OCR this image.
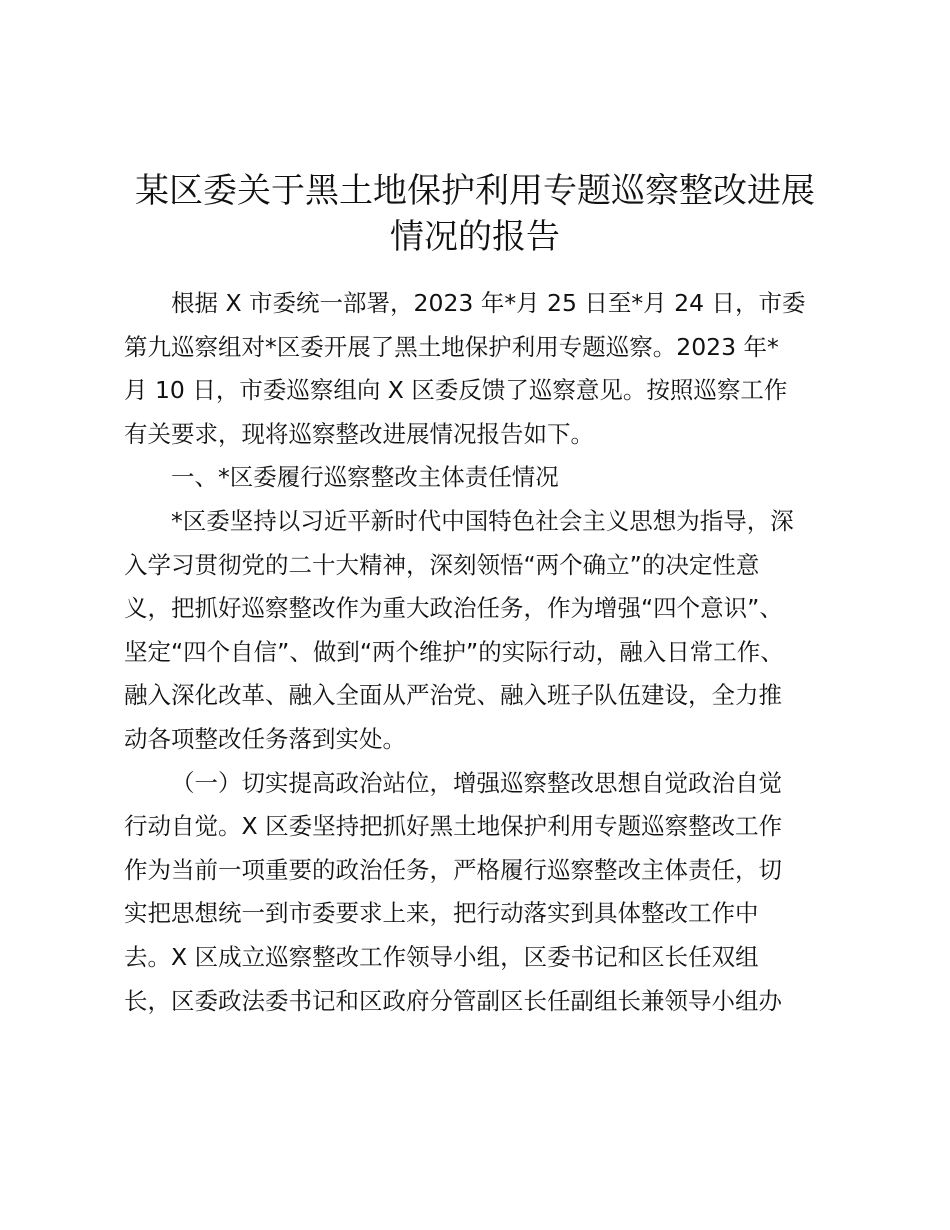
某区委关于黑土地保护利用专题巡察整改进展
情况的报告

根据 X 市委统一部署，2023 年*月 25 日至*月 24 日，市委
第九巡察组对*区委开展了黑土地保护利用专题巡察。2023 年*
月 10 日，市委巡察组向 X 区委反馈了巡察意见。按照巡察工作
有关要求，现将巡察整改进展情况报告如下。

一、*区委履行巡察整改主体责任情况

*区委坚持以习近平新时代中国特色社会主义思想为指导，深
入学习贯彻党的二十大精神，深刻领悟“两个确立”的决定性意
义，把抓好巡察整改作为重大政治任务，作为增强“四个意识”、
坚定“四个自信”、做到“两个维护”的实际行动，融入日常工作、
融入深化改革、融入全面从严治党、融入班子队伍建设，全力推
动各项整改任务落到实处。

（一）切实提高政治站位，增强巡察整改思想自觉政治自觉
行动自觉。X 区委坚持把抓好黑土地保护利用专题巡察整改工作
作为当前一项重要的政治任务，严格履行巡察整改主体责任，切
实把思想统一到市委要求上来，把行动落实到具体整改工作中
去。X 区成立巡察整改工作领导小组，区委书记和区长任双组
长，区委政法委书记和区政府分管副区长任副组长兼领导小组办
